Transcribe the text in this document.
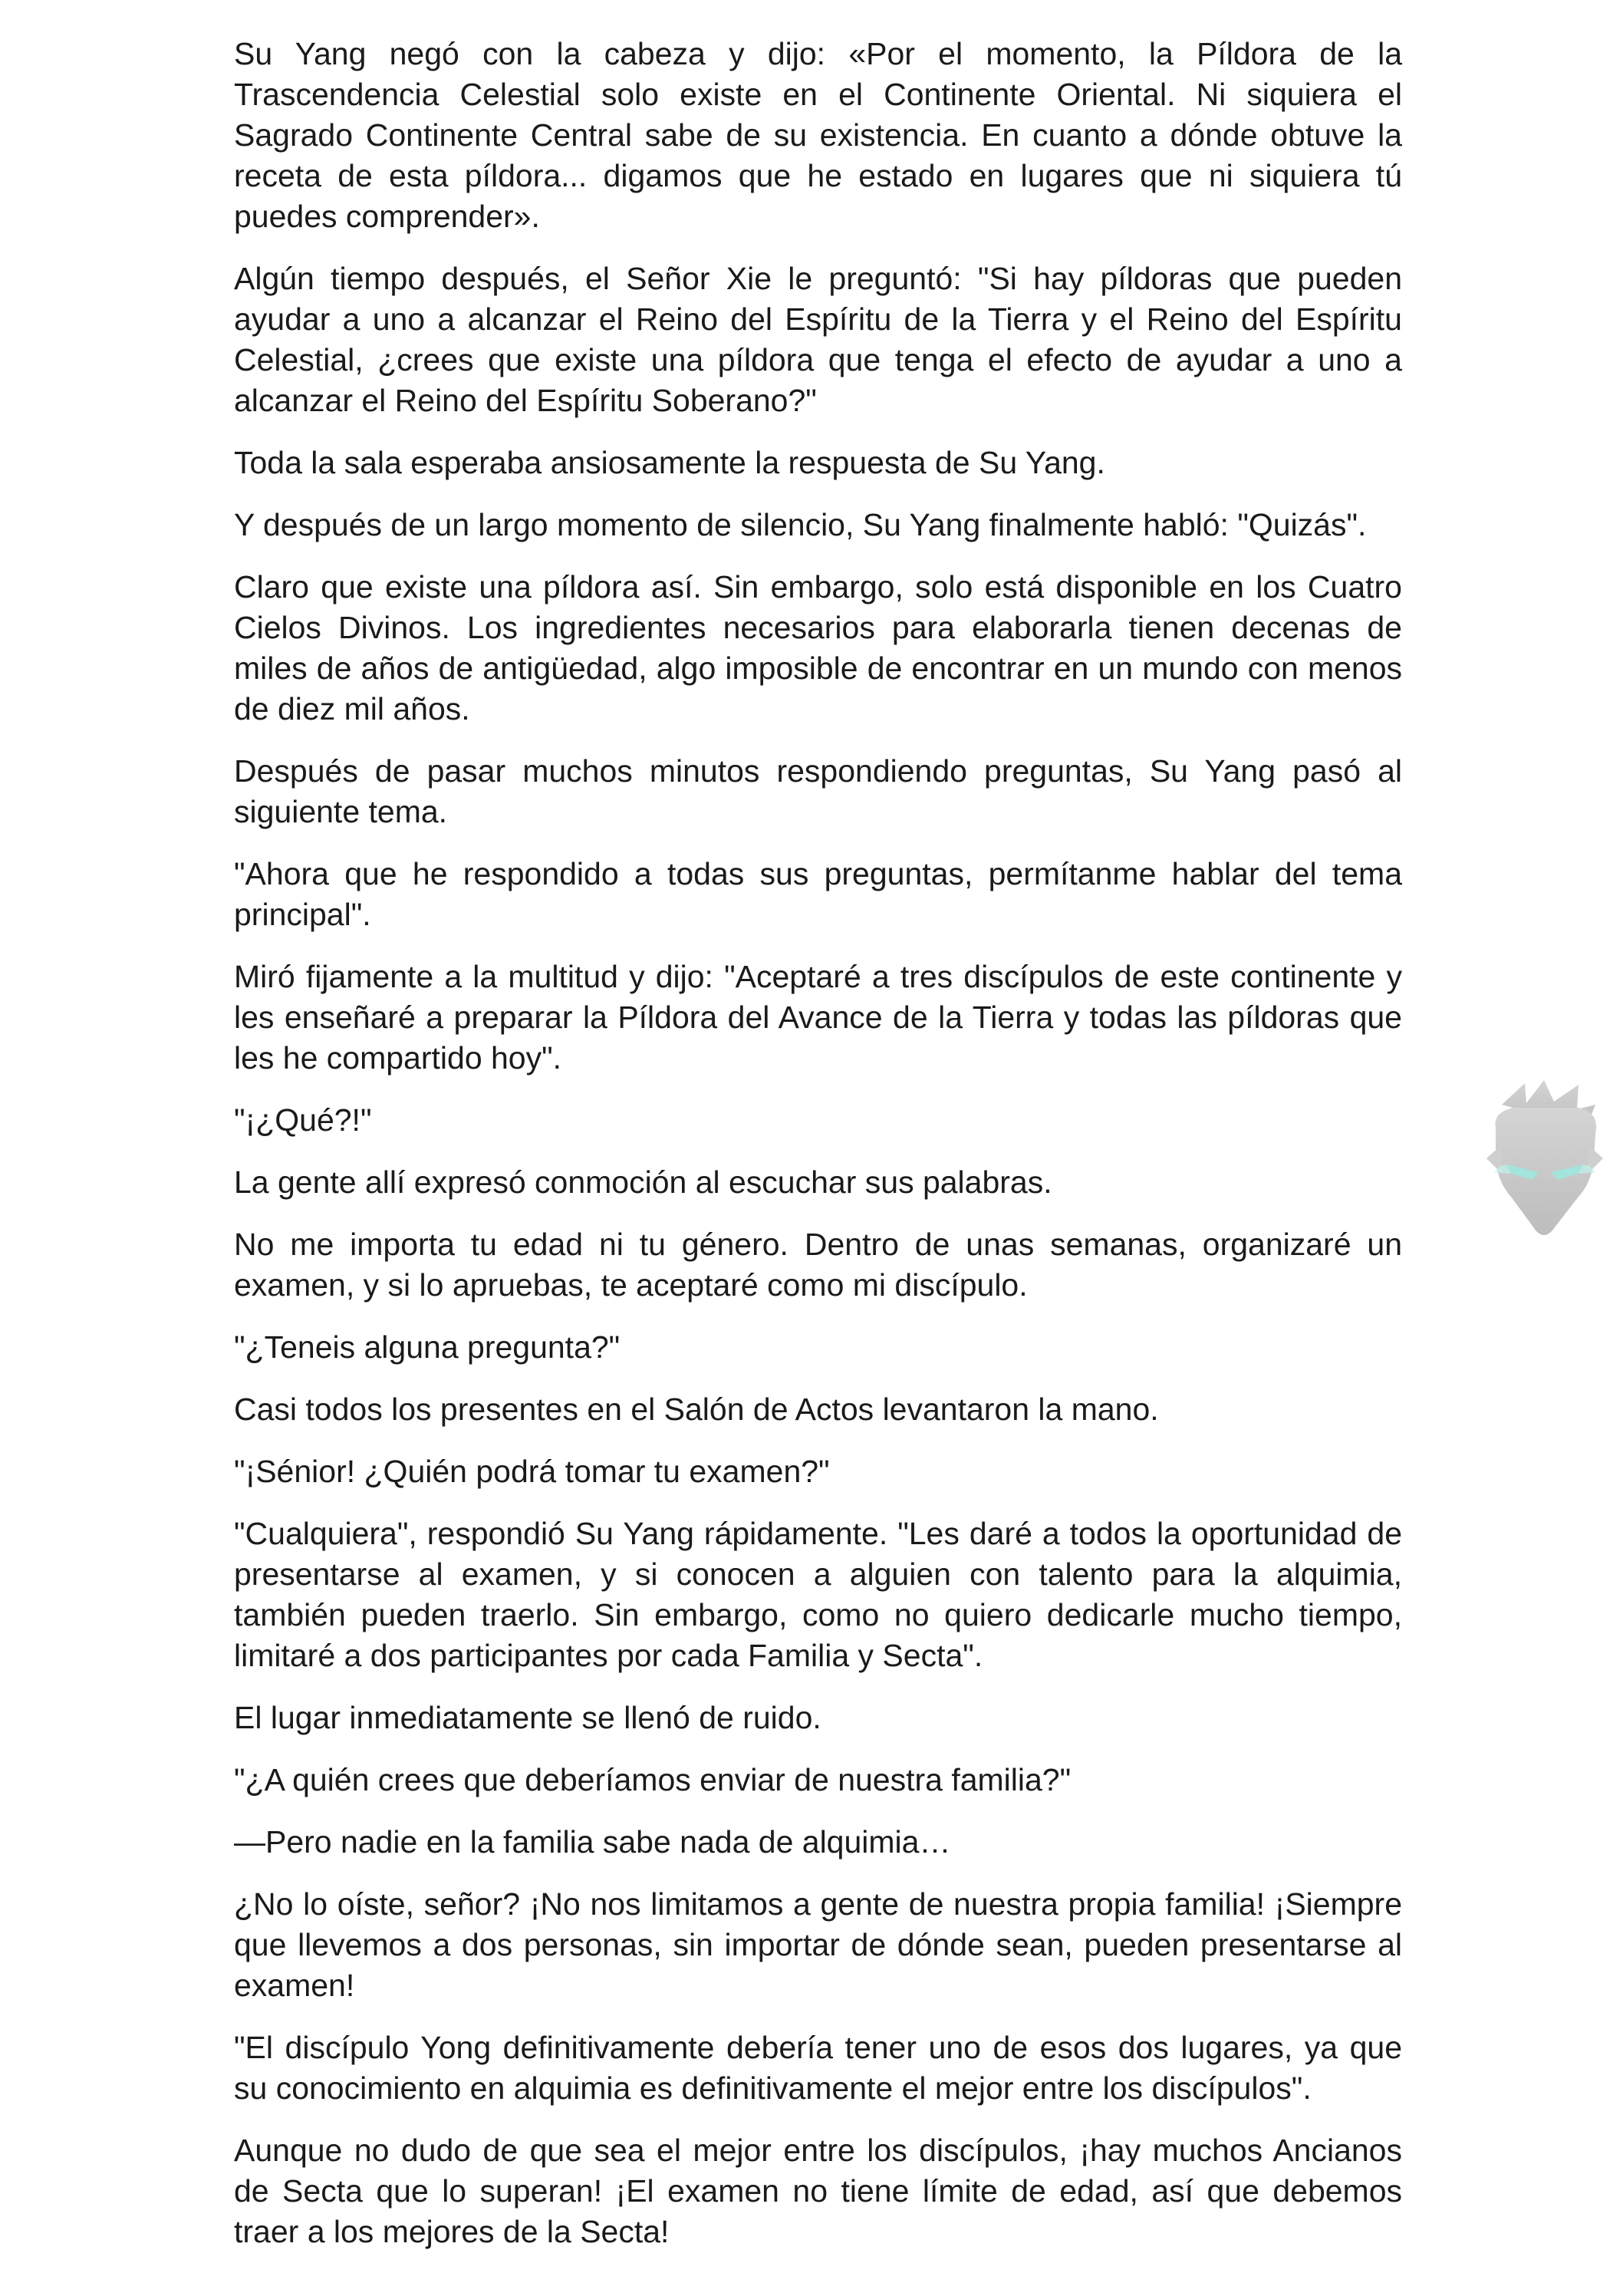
Su Yang negó con la cabeza y dijo: «Por el momento, la Píldora de la Trascendencia Celestial solo existe en el Continente Oriental. Ni siquiera el Sagrado Continente Central sabe de su existencia. En cuanto a dónde obtuve la receta de esta píldora... digamos que he estado en lugares que ni siquiera tú puedes comprender».

Algún tiempo después, el Señor Xie le preguntó: "Si hay píldoras que pueden ayudar a uno a alcanzar el Reino del Espíritu de la Tierra y el Reino del Espíritu Celestial, ¿crees que existe una píldora que tenga el efecto de ayudar a uno a alcanzar el Reino del Espíritu Soberano?"

Toda la sala esperaba ansiosamente la respuesta de Su Yang.

Y después de un largo momento de silencio, Su Yang finalmente habló: "Quizás".

Claro que existe una píldora así. Sin embargo, solo está disponible en los Cuatro Cielos Divinos. Los ingredientes necesarios para elaborarla tienen decenas de miles de años de antigüedad, algo imposible de encontrar en un mundo con menos de diez mil años.

Después de pasar muchos minutos respondiendo preguntas, Su Yang pasó al siguiente tema.

"Ahora que he respondido a todas sus preguntas, permítanme hablar del tema principal".

Miró fijamente a la multitud y dijo: "Aceptaré a tres discípulos de este continente y les enseñaré a preparar la Píldora del Avance de la Tierra y todas las píldoras que les he compartido hoy".

"¡¿Qué?!"

La gente allí expresó conmoción al escuchar sus palabras.

No me importa tu edad ni tu género. Dentro de unas semanas, organizaré un examen, y si lo apruebas, te aceptaré como mi discípulo.

"¿Teneis alguna pregunta?"

Casi todos los presentes en el Salón de Actos levantaron la mano.

"¡Sénior! ¿Quién podrá tomar tu examen?"

"Cualquiera", respondió Su Yang rápidamente. "Les daré a todos la oportunidad de presentarse al examen, y si conocen a alguien con talento para la alquimia, también pueden traerlo. Sin embargo, como no quiero dedicarle mucho tiempo, limitaré a dos participantes por cada Familia y Secta".

El lugar inmediatamente se llenó de ruido.

"¿A quién crees que deberíamos enviar de nuestra familia?"

—Pero nadie en la familia sabe nada de alquimia…

¿No lo oíste, señor? ¡No nos limitamos a gente de nuestra propia familia! ¡Siempre que llevemos a dos personas, sin importar de dónde sean, pueden presentarse al examen!

"El discípulo Yong definitivamente debería tener uno de esos dos lugares, ya que su conocimiento en alquimia es definitivamente el mejor entre los discípulos".

Aunque no dudo de que sea el mejor entre los discípulos, ¡hay muchos Ancianos de Secta que lo superan! ¡El examen no tiene límite de edad, así que debemos traer a los mejores de la Secta!
